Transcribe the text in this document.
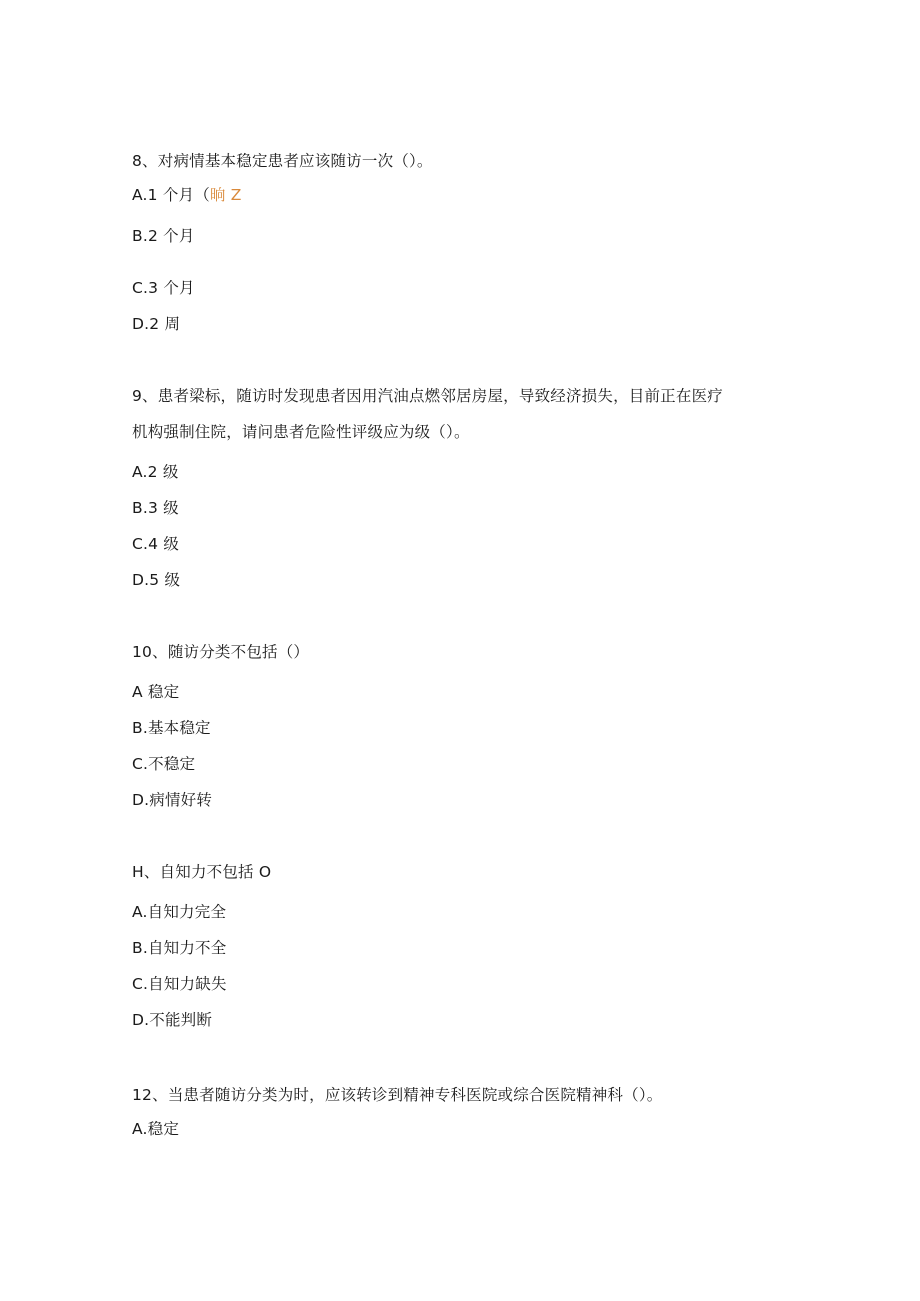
8、对病情基本稳定患者应该随访一次（）。
A.1 个月（晌 Z
B.2 个月
C.3 个月
D.2 周
9、患者梁标，随访时发现患者因用汽油点燃邻居房屋，导致经济损失，目前正在医疗
机构强制住院，请问患者危险性评级应为级（）。
A.2 级
B.3 级
C.4 级
D.5 级
10、随访分类不包括（）
A 稳定
B.基本稳定
C.不稳定
D.病情好转
H、自知力不包括 O
A.自知力完全
B.自知力不全
C.自知力缺失
D.不能判断
12、当患者随访分类为时，应该转诊到精神专科医院或综合医院精神科（）。
A.稳定
